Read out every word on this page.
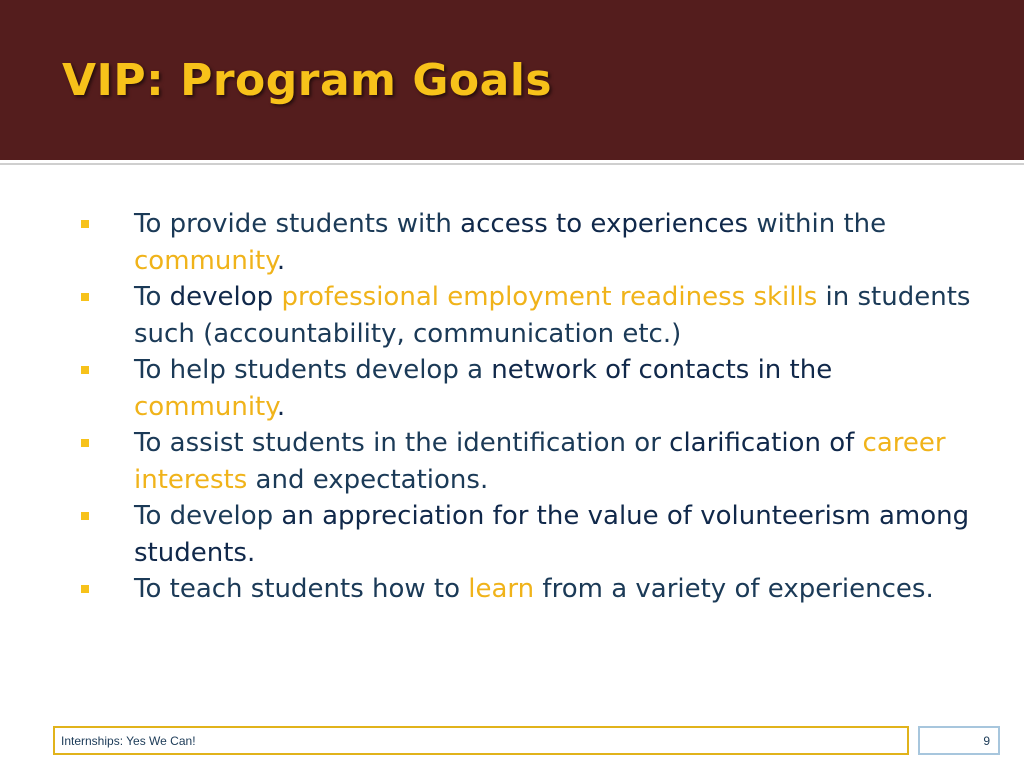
VIP: Program Goals
To provide students with access to experiences within the community.
To develop professional employment readiness skills in students such (accountability, communication etc.)
To help students develop a network of contacts in the community.
To assist students in the identification or clarification of career interests and expectations.
To develop an appreciation for the value of volunteerism among students.
To teach students how to learn from a variety of experiences.
Internships: Yes We Can!	9
